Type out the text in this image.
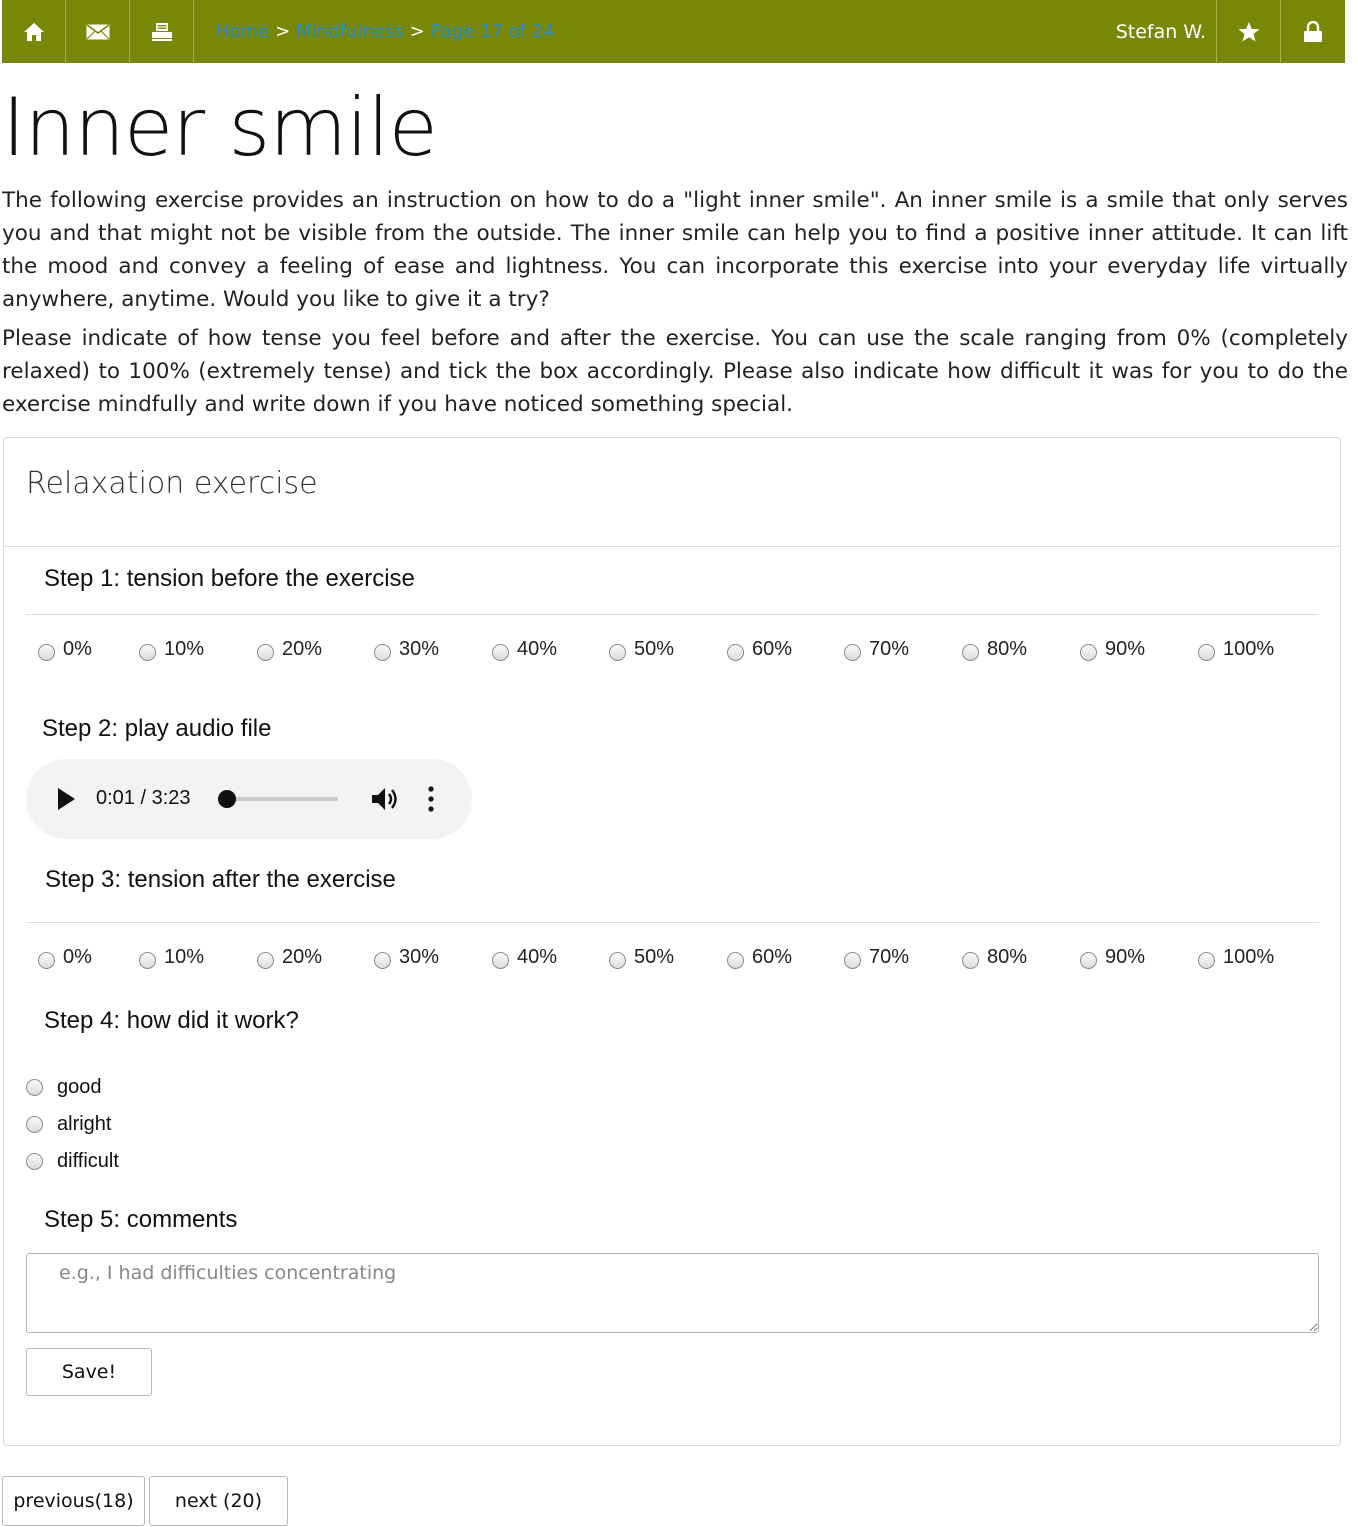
Home > Mindfulness > Page 17 of 24	Stefan W.
Inner smile

The following exercise provides an instruction on how to do a "light inner smile". An inner smile is a smile that only serves you and that might not be visible from the outside. The inner smile can help you to find a positive inner attitude. It can lift the mood and convey a feeling of ease and lightness. You can incorporate this exercise into your everyday life virtually anywhere, anytime. Would you like to give it a try?

Please indicate of how tense you feel before and after the exercise. You can use the scale ranging from 0% (completely relaxed) to 100% (extremely tense) and tick the box accordingly. Please also indicate how difficult it was for you to do the exercise mindfully and write down if you have noticed something special.

Relaxation exercise
Step 1: tension before the exercise
0%	10%	20%	30%	40%	50%	60%	70%	80%	90%	100%
Step 2: play audio file
0:01 / 3:23
Step 3: tension after the exercise
0%	10%	20%	30%	40%	50%	60%	70%	80%	90%	100%
Step 4: how did it work?
good
alright
difficult
Step 5: comments
e.g., I had difficulties concentrating
Save!
previous(18)	next (20)
